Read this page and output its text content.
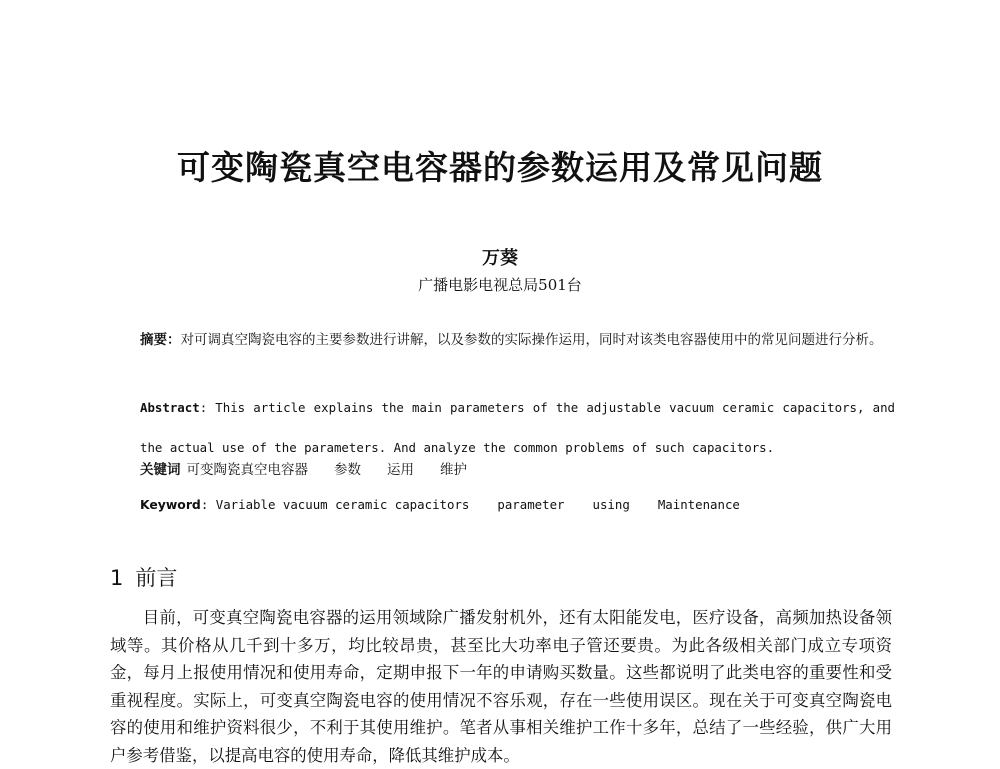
可变陶瓷真空电容器的参数运用及常见问题
万葵
广播电影电视总局501台
摘要：对可调真空陶瓷电容的主要参数进行讲解，以及参数的实际操作运用，同时对该类电容器使用中的常见问题进行分析。
Abstract: This article explains the main parameters of the adjustable vacuum ceramic capacitors, and the actual use of the parameters. And analyze the common problems of such capacitors.
关键词 可变陶瓷真空电容器 参数 运用 维护
Keyword: Variable vacuum ceramic capacitors parameter using Maintenance
1 前言

目前，可变真空陶瓷电容器的运用领域除广播发射机外，还有太阳能发电，医疗设备，高频加热设备领域等。其价格从几千到十多万，均比较昂贵，甚至比大功率电子管还要贵。为此各级相关部门成立专项资金，每月上报使用情况和使用寿命，定期申报下一年的申请购买数量。这些都说明了此类电容的重要性和受重视程度。实际上，可变真空陶瓷电容的使用情况不容乐观，存在一些使用误区。现在关于可变真空陶瓷电容的使用和维护资料很少，不利于其使用维护。笔者从事相关维护工作十多年，总结了一些经验，供广大用户参考借鉴，以提高电容的使用寿命，降低其维护成本。
